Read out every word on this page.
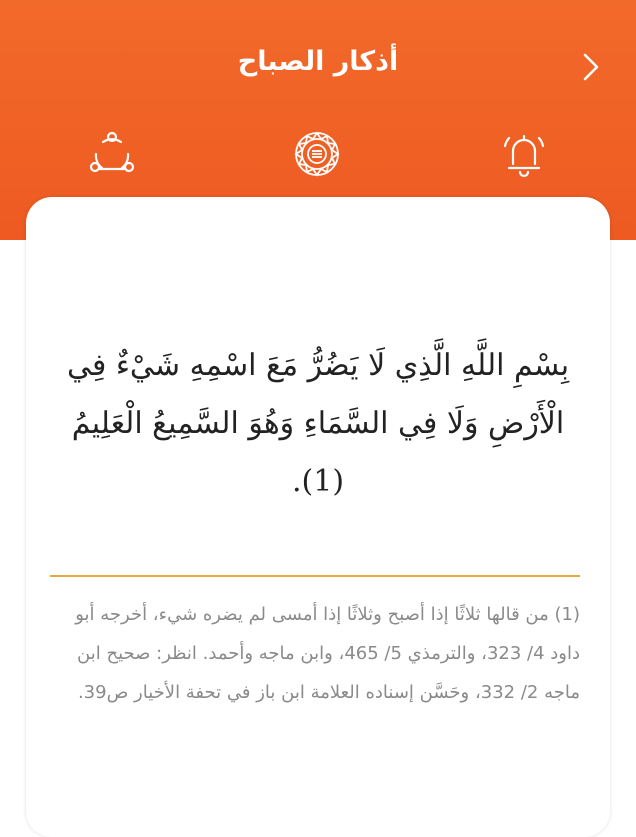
أذكار الصباح
بِسْمِ اللَّهِ الَّذِي لَا يَضُرُّ مَعَ اسْمِهِ شَيْءٌ فِي الْأَرْضِ وَلَا فِي السَّمَاءِ وَهُوَ السَّمِيعُ الْعَلِيمُ (1).
(1) من قالها ثلاثًا إذا أصبح وثلاثًا إذا أمسى لم يضره شيء، أخرجه أبو داود 4/ 323، والترمذي 5/ 465، وابن ماجه وأحمد. انظر: صحيح ابن ماجه 2/ 332، وحَسَّن إسناده العلامة ابن باز في تحفة الأخيار ص39.
